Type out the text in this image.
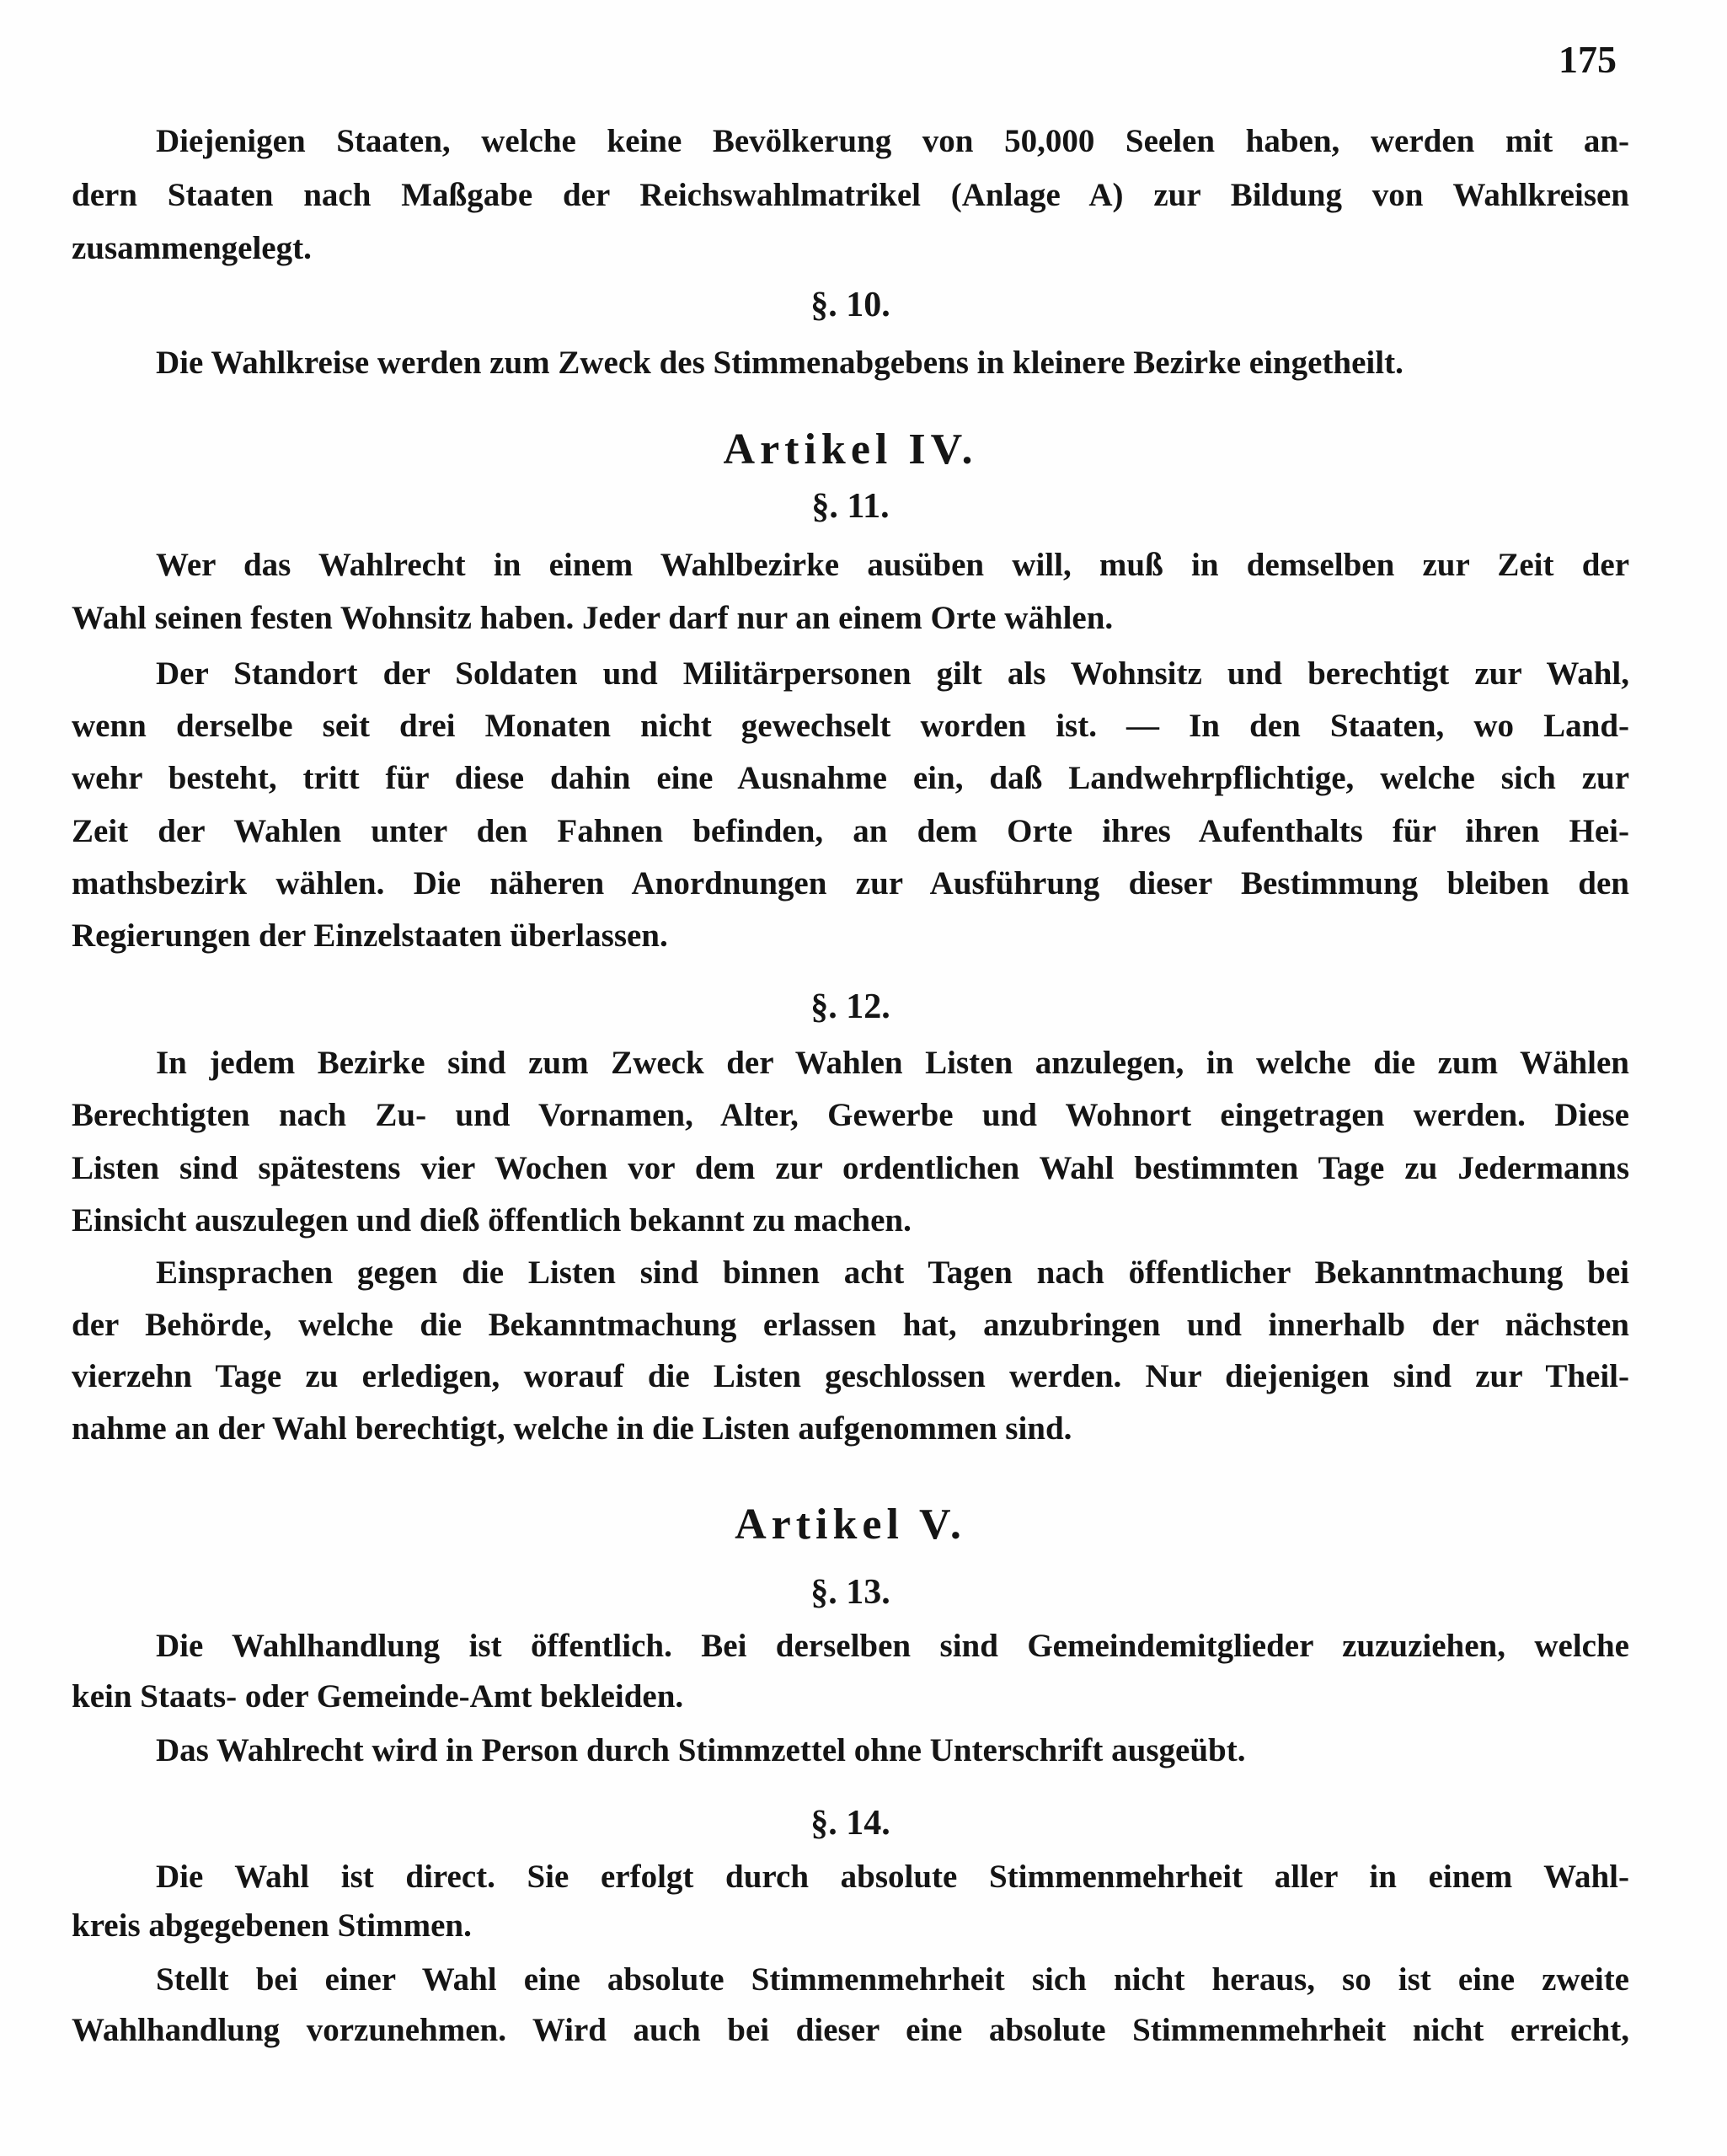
175
Diejenigen Staaten, welche keine Bevölkerung von 50,000 Seelen haben, werden mit an-
dern Staaten nach Maßgabe der Reichswahlmatrikel (Anlage A) zur Bildung von Wahlkreisen
zusammengelegt.
§. 10.
Die Wahlkreise werden zum Zweck des Stimmenabgebens in kleinere Bezirke eingetheilt.
Artikel IV.
§. 11.
Wer das Wahlrecht in einem Wahlbezirke ausüben will, muß in demselben zur Zeit der
Wahl seinen festen Wohnsitz haben. Jeder darf nur an einem Orte wählen.
Der Standort der Soldaten und Militärpersonen gilt als Wohnsitz und berechtigt zur Wahl,
wenn derselbe seit drei Monaten nicht gewechselt worden ist. — In den Staaten, wo Land-
wehr besteht, tritt für diese dahin eine Ausnahme ein, daß Landwehrpflichtige, welche sich zur
Zeit der Wahlen unter den Fahnen befinden, an dem Orte ihres Aufenthalts für ihren Hei-
mathsbezirk wählen. Die näheren Anordnungen zur Ausführung dieser Bestimmung bleiben den
Regierungen der Einzelstaaten überlassen.
§. 12.
In jedem Bezirke sind zum Zweck der Wahlen Listen anzulegen, in welche die zum Wählen
Berechtigten nach Zu- und Vornamen, Alter, Gewerbe und Wohnort eingetragen werden. Diese
Listen sind spätestens vier Wochen vor dem zur ordentlichen Wahl bestimmten Tage zu Jedermanns
Einsicht auszulegen und dieß öffentlich bekannt zu machen.
Einsprachen gegen die Listen sind binnen acht Tagen nach öffentlicher Bekanntmachung bei
der Behörde, welche die Bekanntmachung erlassen hat, anzubringen und innerhalb der nächsten
vierzehn Tage zu erledigen, worauf die Listen geschlossen werden. Nur diejenigen sind zur Theil-
nahme an der Wahl berechtigt, welche in die Listen aufgenommen sind.
Artikel V.
§. 13.
Die Wahlhandlung ist öffentlich. Bei derselben sind Gemeindemitglieder zuzuziehen, welche
kein Staats- oder Gemeinde-Amt bekleiden.
Das Wahlrecht wird in Person durch Stimmzettel ohne Unterschrift ausgeübt.
§. 14.
Die Wahl ist direct. Sie erfolgt durch absolute Stimmenmehrheit aller in einem Wahl-
kreis abgegebenen Stimmen.
Stellt bei einer Wahl eine absolute Stimmenmehrheit sich nicht heraus, so ist eine zweite
Wahlhandlung vorzunehmen. Wird auch bei dieser eine absolute Stimmenmehrheit nicht erreicht,
